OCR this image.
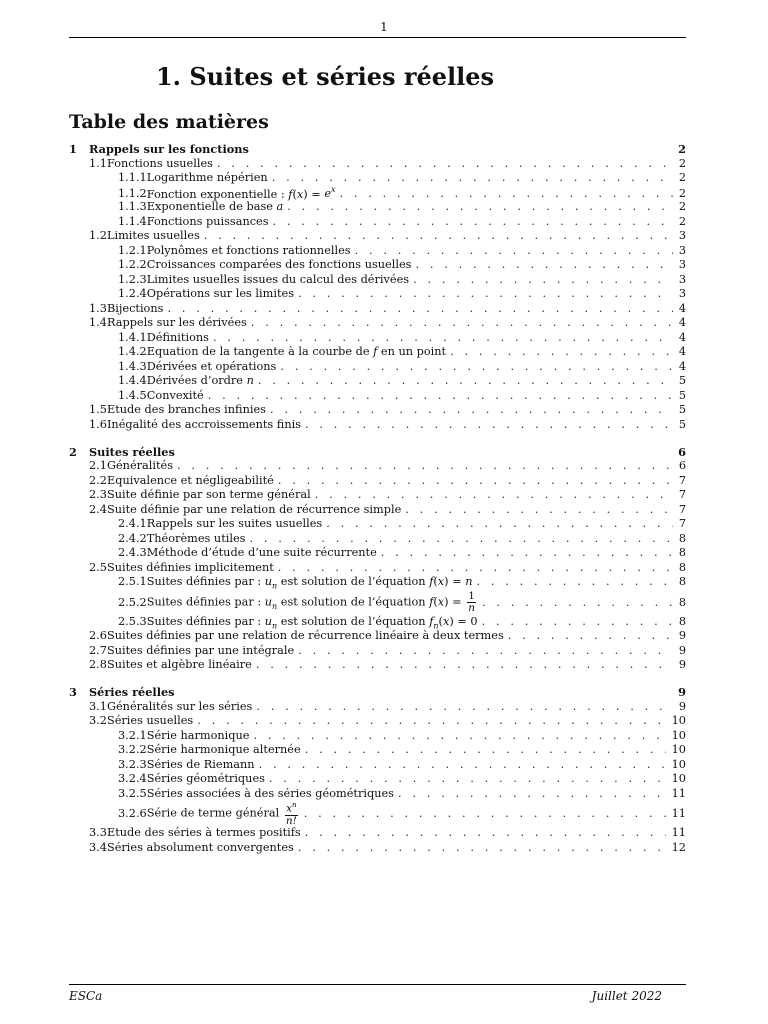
1
1. Suites et séries réelles
Table des matières
1	Rappels sur les fonctions	2
1.1 Fonctions usuelles . . .	2
1.1.1 Logarithme népérien . . .	2
1.1.2 Fonction exponentielle : $f(x) = e^x$ . . .	2
1.1.3 Exponentielle de base a . . .	2
1.1.4 Fonctions puissances . . .	2
1.2 Limites usuelles . . .	3
1.2.1 Polynômes et fonctions rationnelles . . .	3
1.2.2 Croissances comparées des fonctions usuelles . . .	3
1.2.3 Limites usuelles issues du calcul des dérivées . . .	3
1.2.4 Opérations sur les limites . . .	3
1.3 Bijections . . .	4
1.4 Rappels sur les dérivées . . .	4
1.4.1 Définitions . . .	4
1.4.2 Equation de la tangente à la courbe de f en un point . . .	4
1.4.3 Dérivées et opérations . . .	4
1.4.4 Dérivées d’ordre n . . .	5
1.4.5 Convexité . . .	5
1.5 Etude des branches infinies . . .	5
1.6 Inégalité des accroissements finis . . .	5
2	Suites réelles	6
2.1 Généralités . . .	6
2.2 Equivalence et négligeabilité . . .	7
2.3 Suite définie par son terme général . . .	7
2.4 Suite définie par une relation de récurrence simple . . .	7
2.4.1 Rappels sur les suites usuelles . . .	7
2.4.2 Théorèmes utiles . . .	8
2.4.3 Méthode d’étude d’une suite récurrente . . .	8
2.5 Suites définies implicitement . . .	8
2.5.1 Suites définies par : $u_n$ est solution de l’équation f(x) = n . . .	8
2.5.2 Suites définies par : $u_n$ est solution de l’équation $f(x) = \frac{1}{n}$ . . .	8
2.5.3 Suites définies par : $u_n$ est solution de l’équation $f_n(x) = 0$ . . .	8
2.6 Suites définies par une relation de récurrence linéaire à deux termes . . .	9
2.7 Suites définies par une intégrale . . .	9
2.8 Suites et algèbre linéaire . . .	9
3	Séries réelles	9
3.1 Généralités sur les séries . . .	9
3.2 Séries usuelles . . .	10
3.2.1 Série harmonique . . .	10
3.2.2 Série harmonique alternée . . .	10
3.2.3 Séries de Riemann . . .	10
3.2.4 Séries géométriques . . .	10
3.2.5 Séries associées à des séries géométriques . . .	11
3.2.6 Série de terme général $\frac{x^n}{n!}$ . . .	11
3.3 Etude des séries à termes positifs . . .	11
3.4 Séries absolument convergentes . . .	12
ESCa	Juillet 2022
